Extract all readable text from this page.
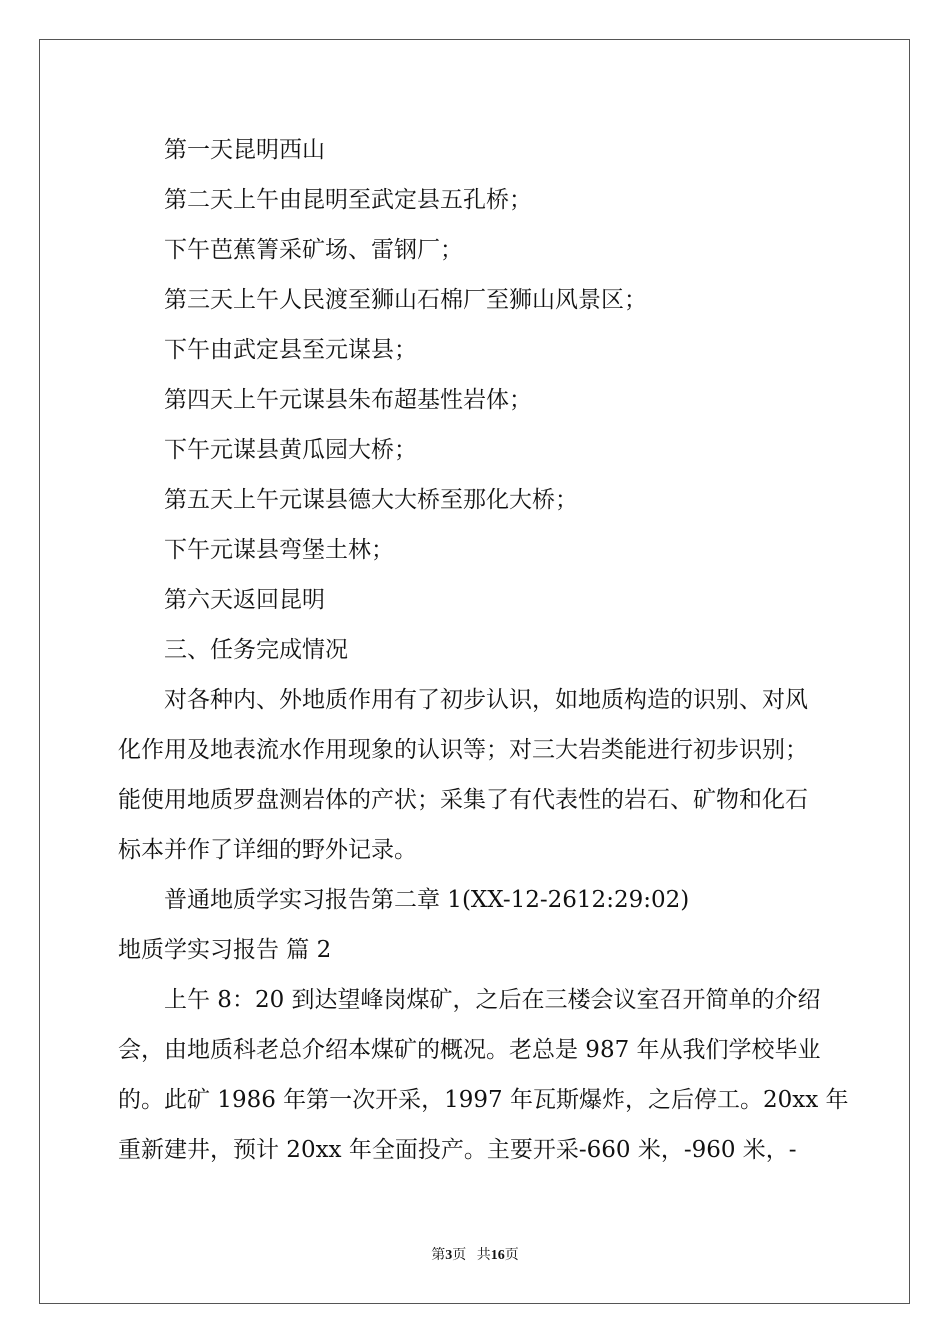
第一天昆明西山
第二天上午由昆明至武定县五孔桥；
下午芭蕉箐采矿场、雷钢厂；
第三天上午人民渡至狮山石棉厂至狮山风景区；
下午由武定县至元谋县；
第四天上午元谋县朱布超基性岩体；
下午元谋县黄瓜园大桥；
第五天上午元谋县德大大桥至那化大桥；
下午元谋县弯堡土林；
第六天返回昆明
三、任务完成情况
对各种内、外地质作用有了初步认识，如地质构造的识别、对风
化作用及地表流水作用现象的认识等；对三大岩类能进行初步识别；
能使用地质罗盘测岩体的产状；采集了有代表性的岩石、矿物和化石
标本并作了详细的野外记录。
普通地质学实习报告第二章 1(XX-12-2612:29:02)
地质学实习报告 篇 2
上午 8：20 到达望峰岗煤矿，之后在三楼会议室召开简单的介绍
会，由地质科老总介绍本煤矿的概况。老总是 987 年从我们学校毕业
的。此矿 1986 年第一次开采，1997 年瓦斯爆炸，之后停工。20xx 年
重新建井，预计 20xx 年全面投产。主要开采-660 米，-960 米，-
第3页 共16页
